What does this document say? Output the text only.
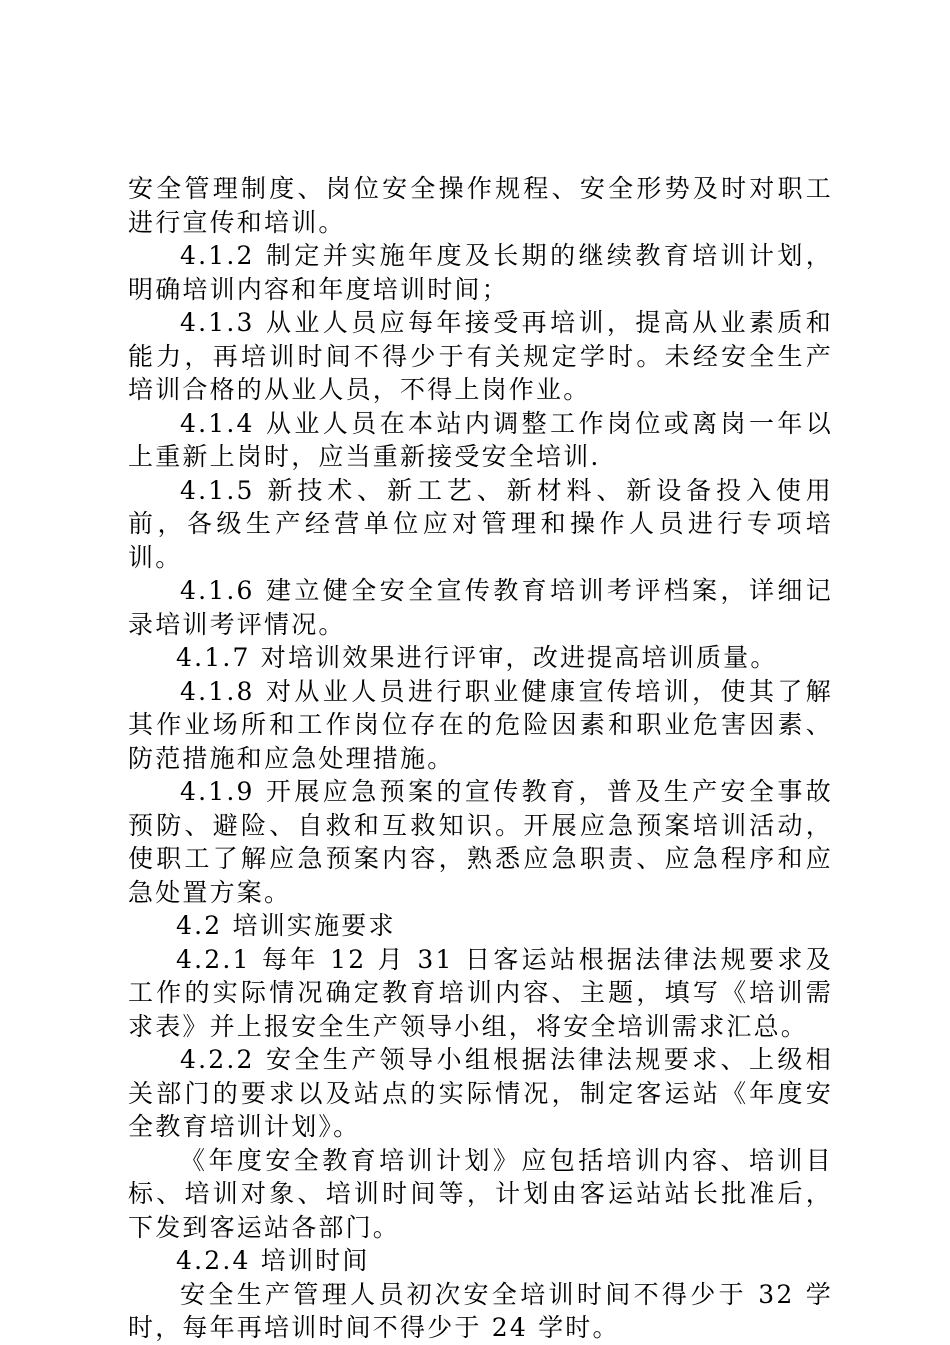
安全管理制度、岗位安全操作规程、安全形势及时对职工进行宣传和培训。

4.1.2 制定并实施年度及长期的继续教育培训计划，明确培训内容和年度培训时间；

4.1.3 从业人员应每年接受再培训，提高从业素质和能力，再培训时间不得少于有关规定学时。未经安全生产培训合格的从业人员，不得上岗作业。

4.1.4 从业人员在本站内调整工作岗位或离岗一年以上重新上岗时，应当重新接受安全培训.

4.1.5 新技术、新工艺、新材料、新设备投入使用前，各级生产经营单位应对管理和操作人员进行专项培训。

4.1.6 建立健全安全宣传教育培训考评档案，详细记录培训考评情况。

4.1.7 对培训效果进行评审，改进提高培训质量。

4.1.8 对从业人员进行职业健康宣传培训，使其了解其作业场所和工作岗位存在的危险因素和职业危害因素、防范措施和应急处理措施。

4.1.9 开展应急预案的宣传教育，普及生产安全事故预防、避险、自救和互救知识。开展应急预案培训活动，使职工了解应急预案内容，熟悉应急职责、应急程序和应急处置方案。

4.2 培训实施要求

4.2.1 每年 12 月 31 日客运站根据法律法规要求及工作的实际情况确定教育培训内容、主题，填写《培训需求表》并上报安全生产领导小组，将安全培训需求汇总。

4.2.2 安全生产领导小组根据法律法规要求、上级相关部门的要求以及站点的实际情况，制定客运站《年度安全教育培训计划》。

《年度安全教育培训计划》应包括培训内容、培训目标、培训对象、培训时间等，计划由客运站站长批准后，下发到客运站各部门。

4.2.4 培训时间

安全生产管理人员初次安全培训时间不得少于 32 学时，每年再培训时间不得少于 24 学时。
